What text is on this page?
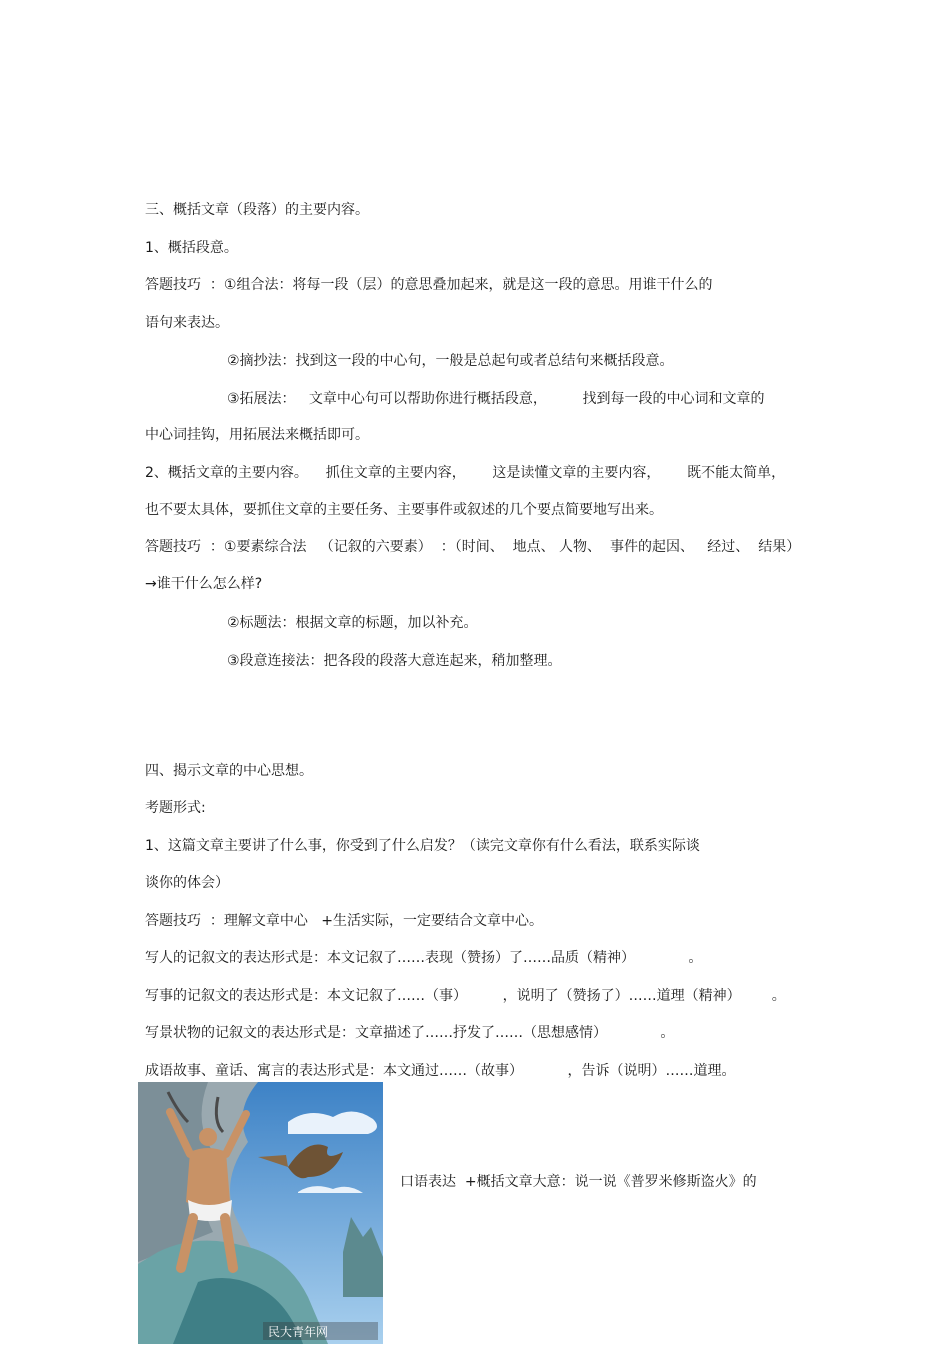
三、概括文章（段落）的主要内容。
1、概括段意。
答题技巧  ：①组合法：将每一段（层）的意思叠加起来，就是这一段的意思。用谁干什么的
语句来表达。
②摘抄法：找到这一段的中心句，一般是总起句或者总结句来概括段意。
③拓展法：   文章中心句可以帮助你进行概括段意，        找到每一段的中心词和文章的
中心词挂钩，用拓展法来概括即可。
2、概括文章的主要内容。    抓住文章的主要内容，      这是读懂文章的主要内容，      既不能太简单，
也不要太具体，要抓住文章的主要任务、主要事件或叙述的几个要点简要地写出来。
答题技巧  ：①要素综合法   （记叙的六要素）  ：（时间、  地点、 人物、  事件的起因、   经过、  结果）
→谁干什么怎么样?
②标题法：根据文章的标题，加以补充。
③段意连接法：把各段的段落大意连起来，稍加整理。
四、揭示文章的中心思想。
考题形式:
1、这篇文章主要讲了什么事，你受到了什么启发？（读完文章你有什么看法，联系实际谈
谈你的体会）
答题技巧  ：理解文章中心   +生活实际，一定要结合文章中心。
写人的记叙文的表达形式是：本文记叙了……表现（赞扬）了……品质（精神）            。
写事的记叙文的表达形式是：本文记叙了……（事）        ，说明了（赞扬了）……道理（精神）       。
写景状物的记叙文的表达形式是：文章描述了……抒发了……（思想感情）            。
成语故事、童话、寓言的表达形式是：本文通过……（故事）          ，告诉（说明）……道理。
民大青年网
口语表达  +概括文章大意：说一说《普罗米修斯盗火》的
